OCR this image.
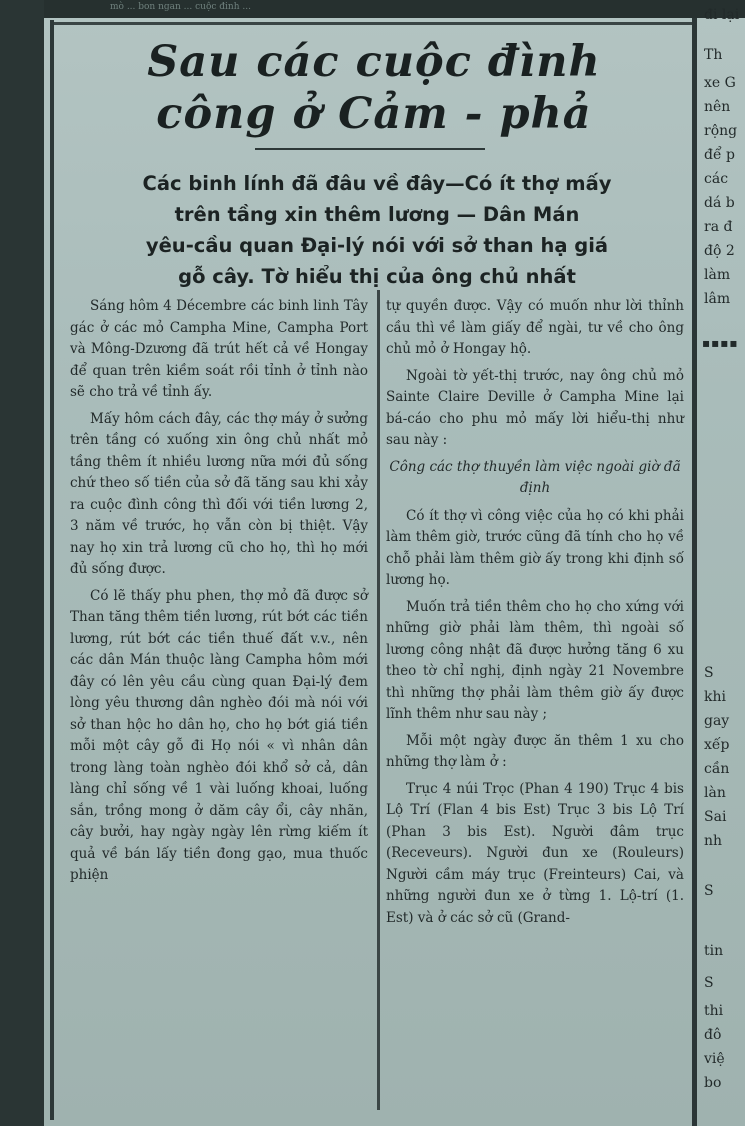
mò ... bon ngan ... cuộc đinh ...
Sau các cuộc đình
công ở Cảm - phả
Các binh lính đã đâu về đây—Có ít thợ mấy
trên tầng xin thêm lương — Dân Mán
yêu-cầu quan Đại-lý nói với sở than hạ giá
gỗ cây. Tờ hiểu thị của ông chủ nhất

Sáng hôm 4 Décembre các binh linh Tây gác ở các mỏ Campha Mine, Campha Port và Mông-Dzương đã trút hết cả về Hongay để quan trên kiềm soát rồi tỉnh ở tỉnh nào sẽ cho trả về tỉnh ấy.

Mấy hôm cách đây, các thợ máy ở sưởng trên tầng có xuống xin ông chủ nhất mỏ tầng thêm ít nhiều lương nữa mới đủ sống chứ theo số tiền của sở đã tăng sau khi xảy ra cuộc đình công thì đối với tiền lương 2, 3 năm về trước, họ vẫn còn bị thiệt. Vậy nay họ xin trả lương cũ cho họ, thì họ mới đủ sống được.

Có lẽ thấy phu phen, thợ mỏ đã được sở Than tăng thêm tiền lương, rút bớt các tiền lương, rút bớt các tiền thuế đất v.v., nên các dân Mán thuộc làng Campha hôm mới đây có lên yêu cầu cùng quan Đại-lý đem lòng yêu thương dân nghèo đói mà nói với sở than hộc ho dân họ, cho họ bớt giá tiền mỗi một cây gỗ đi Họ nói « vì nhân dân trong làng toàn nghèo đói khổ sở cả, dân làng chỉ sống về 1 vài luống khoai, luống sắn, trồng mong ở dăm cây ổi, cây nhãn, cây bưởi, hay ngày ngày lên rừng kiếm ít quả về bán lấy tiền đong gạo, mua thuốc phiện

tự quyền được. Vậy có muốn như lời thỉnh cầu thì về làm giấy để ngài, tư về cho ông chủ mỏ ở Hongay hộ.

Ngoài tờ yết-thị trước, nay ông chủ mỏ Sainte Claire Deville ở Campha Mine lại bá-cáo cho phu mỏ mấy lời hiểu-thị như sau này :

Công các thợ thuyền làm việc ngoài giờ đã định

Có ít thợ vì công việc của họ có khi phải làm thêm giờ, trước cũng đã tính cho họ về chỗ phải làm thêm giờ ấy trong khi định số lương họ.

Muốn trả tiền thêm cho họ cho xứng với những giờ phải làm thêm, thì ngoài số lương công nhật đã được hưởng tăng 6 xu theo tờ chỉ nghị, định ngày 21 Novembre thì những thợ phải làm thêm giờ ấy được lĩnh thêm như sau này ;

Mỗi một ngày được ăn thêm 1 xu cho những thợ làm ở :

Trục 4 núi Trọc (Phan 4 190) Trục 4 bis Lộ Trí (Flan 4 bis Est) Trục 3 bis Lộ Trí (Phan 3 bis Est). Người đâm trục (Receveurs). Người đun xe (Rouleurs) Người cầm máy trục (Freinteurs) Cai, và những người đun xe ở từng 1. Lộ-trí (1. Est) và ở các sở cũ (Grand-

đi lại
Th
xe G
nên
rộng
để p
các
dá b
ra đ
độ 2
làm
lâm
▪▪▪▪
S
khi
gay
xếp
cần
làn
Sai
nh
S
tin
S
thi
đô
việ
bo
